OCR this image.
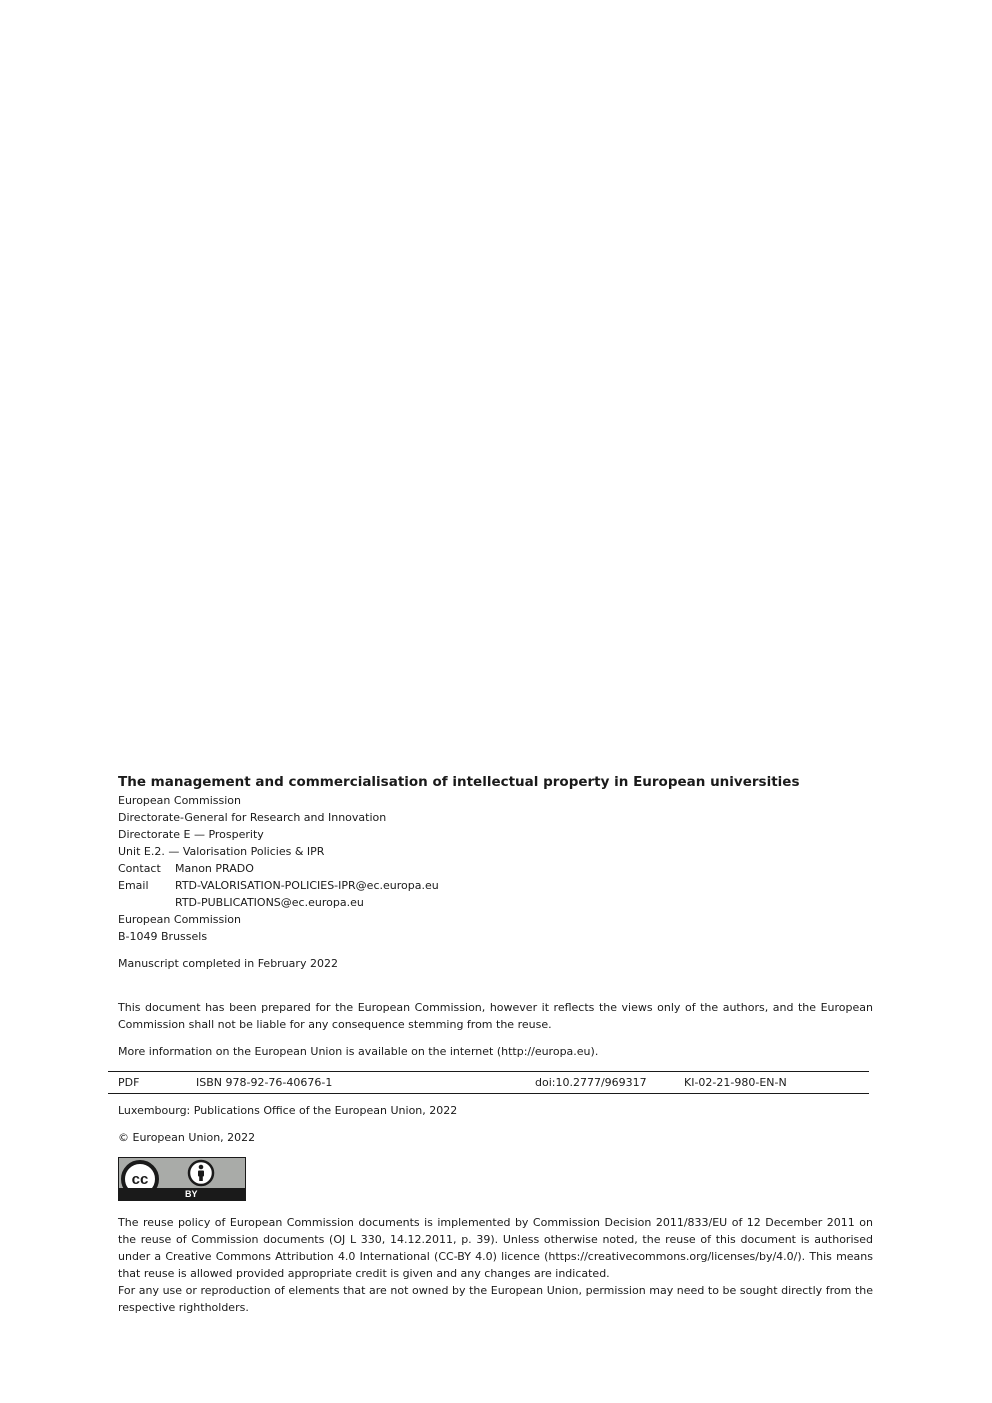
The management and commercialisation of intellectual property in European universities

European Commission
Directorate-General for Research and Innovation
Directorate E — Prosperity
Unit E.2. — Valorisation Policies & IPR
Contact	Manon PRADO
Email	RTD-VALORISATION-POLICIES-IPR@ec.europa.eu
RTD-PUBLICATIONS@ec.europa.eu
European Commission
B-1049 Brussels
Manuscript completed in February 2022
This document has been prepared for the European Commission, however it reflects the views only of the authors, and the European Commission shall not be liable for any consequence stemming from the reuse.
More information on the European Union is available on the internet (http://europa.eu).
PDF	ISBN 978-92-76-40676-1	doi:10.2777/969317	KI-02-21-980-EN-N
Luxembourg: Publications Office of the European Union, 2022
© European Union, 2022
cc
BY
The reuse policy of European Commission documents is implemented by Commission Decision 2011/833/EU of 12 December 2011 on the reuse of Commission documents (OJ L 330, 14.12.2011, p. 39). Unless otherwise noted, the reuse of this document is authorised under a Creative Commons Attribution 4.0 International (CC-BY 4.0) licence (https://creativecommons.org/licenses/by/4.0/). This means that reuse is allowed provided appropriate credit is given and any changes are indicated.
For any use or reproduction of elements that are not owned by the European Union, permission may need to be sought directly from the respective rightholders.
